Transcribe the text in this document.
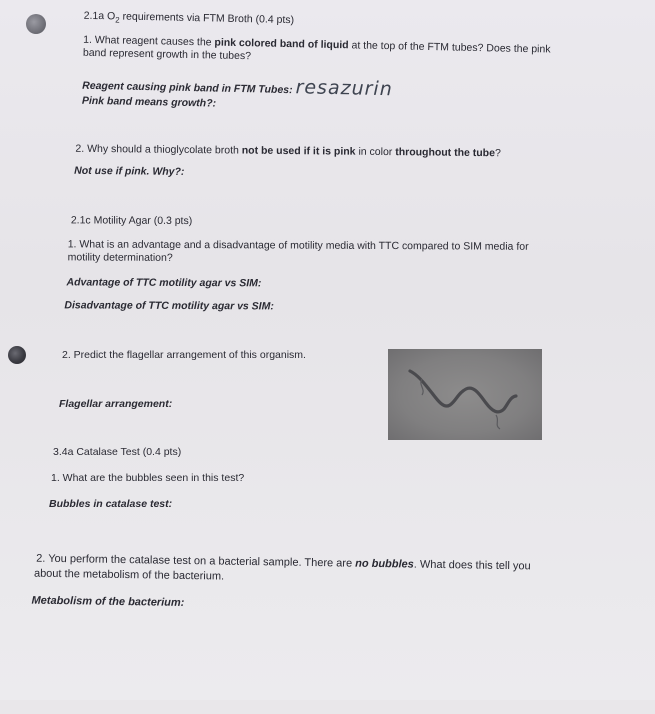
2.1a $O_2$ requirements via FTM Broth (0.4 pts)
1. What reagent causes the pink colored band of liquid at the top of the FTM tubes? Does the pink
band represent growth in the tubes?
Reagent causing pink band in FTM Tubes: resazurin
Pink band means growth?:
2. Why should a thioglycolate broth not be used if it is pink in color throughout the tube?
Not use if pink. Why?:
2.1c Motility Agar (0.3 pts)
1. What is an advantage and a disadvantage of motility media with TTC compared to SIM media for
motility determination?
Advantage of TTC motility agar vs SIM:
Disadvantage of TTC motility agar vs SIM:
2. Predict the flagellar arrangement of this organism.
Flagellar arrangement:
3.4a Catalase Test (0.4 pts)
1. What are the bubbles seen in this test?
Bubbles in catalase test:
2. You perform the catalase test on a bacterial sample. There are no bubbles. What does this tell you
about the metabolism of the bacterium.
Metabolism of the bacterium:
